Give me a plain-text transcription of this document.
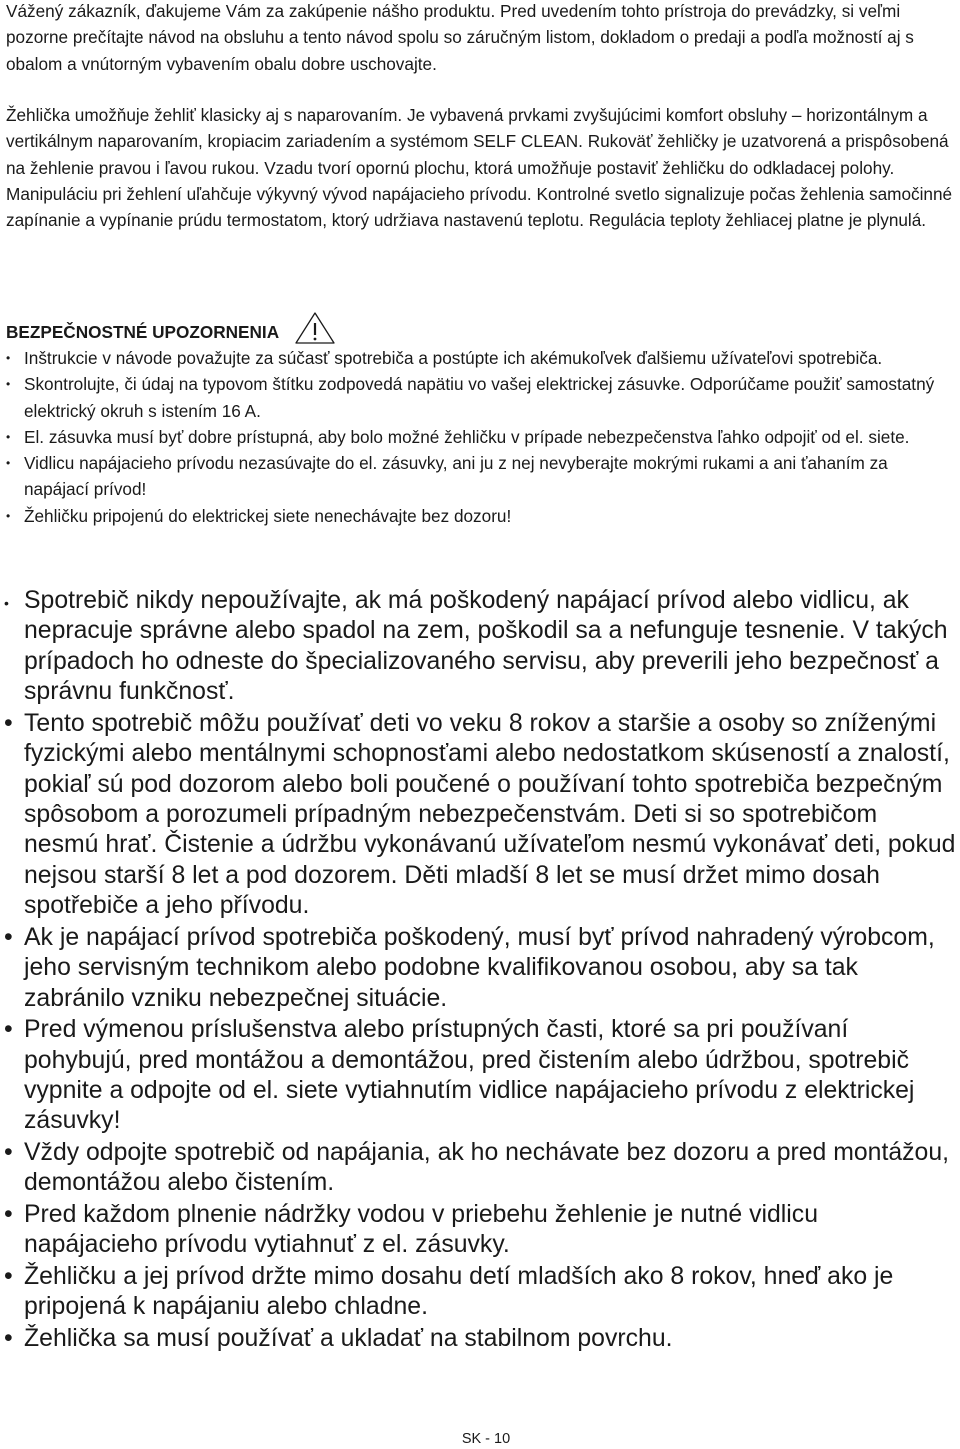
Vážený zákazník, ďakujeme Vám za zakúpenie nášho produktu. Pred uvedením tohto prístroja do prevádzky, si veľmi pozorne prečítajte návod na obsluhu a tento návod spolu so záručným listom, dokladom o predaji a podľa možností aj s obalom a vnútorným vybavením obalu dobre uschovajte.

Žehlička umožňuje žehliť klasicky aj s naparovaním. Je vybavená prvkami zvyšujúcimi komfort obsluhy – horizontálnym a vertikálnym naparovaním, kropiacim zariadením a systémom SELF CLEAN. Rukoväť žehličky je uzatvorená a prispôsobená na žehlenie pravou i ľavou rukou. Vzadu tvorí opornú plochu, ktorá umožňuje postaviť žehličku do odkladacej polohy. Manipuláciu pri žehlení uľahčuje výkyvný vývod napájacieho prívodu. Kontrolné svetlo signalizuje počas žehlenia samočinné zapínanie a vypínanie prúdu termostatom, ktorý udržiava nastavenú teplotu. Regulácia teploty žehliacej platne je plynulá.

BEZPEČNOSTNÉ UPOZORNENIA
• Inštrukcie v návode považujte za súčasť spotrebiča a postúpte ich akémukoľvek ďalšiemu užívateľovi spotrebiča.
• Skontrolujte, či údaj na typovom štítku zodpovedá napätiu vo vašej elektrickej zásuvke. Odporúčame použiť samostatný elektrický okruh s istením 16 A.
• El. zásuvka musí byť dobre prístupná, aby bolo možné žehličku v prípade nebezpečenstva ľahko odpojiť od el. siete.
• Vidlicu napájacieho prívodu nezasúvajte do el. zásuvky, ani ju z nej nevyberajte mokrými rukami a ani ťahaním za napájací prívod!
• Žehličku pripojenú do elektrickej siete nenechávajte bez dozoru!
• Spotrebič nikdy nepoužívajte, ak má poškodený napájací prívod alebo vidlicu, ak nepracuje správne alebo spadol na zem, poškodil sa a nefunguje tesnenie. V takých prípadoch ho odneste do špecializovaného servisu, aby preverili jeho bezpečnosť a správnu funkčnosť.
• Tento spotrebič môžu používať deti vo veku 8 rokov a staršie a osoby so zníženými fyzickými alebo mentálnymi schopnosťami alebo nedostatkom skúseností a znalostí, pokiaľ sú pod dozorom alebo boli poučené o používaní tohto spotrebiča bezpečným spôsobom a porozumeli prípadným nebezpečenstvám. Deti si so spotrebičom nesmú hrať. Čistenie a údržbu vykonávanú užívateľom nesmú vykonávať deti, pokud nejsou starší 8 let a pod dozorem. Děti mladší 8 let se musí držet mimo dosah spotřebiče a jeho přívodu.
• Ak je napájací prívod spotrebiča poškodený, musí byť prívod nahradený výrobcom, jeho servisným technikom alebo podobne kvalifikovanou osobou, aby sa tak zabránilo vzniku nebezpečnej situácie.
• Pred výmenou príslušenstva alebo prístupných časti, ktoré sa pri používaní pohybujú, pred montážou a demontážou, pred čistením alebo údržbou, spotrebič vypnite a odpojte od el. siete vytiahnutím vidlice napájacieho prívodu z elektrickej zásuvky!
• Vždy odpojte spotrebič od napájania, ak ho nechávate bez dozoru a pred montážou, demontážou alebo čistením.
• Pred každom plnenie nádržky vodou v priebehu žehlenie je nutné vidlicu napájacieho prívodu vytiahnuť z el. zásuvky.
• Žehličku a jej prívod držte mimo dosahu detí mladších ako 8 rokov, hneď ako je pripojená k napájaniu alebo chladne.
• Žehlička sa musí používať a ukladať na stabilnom povrchu.
SK - 10
